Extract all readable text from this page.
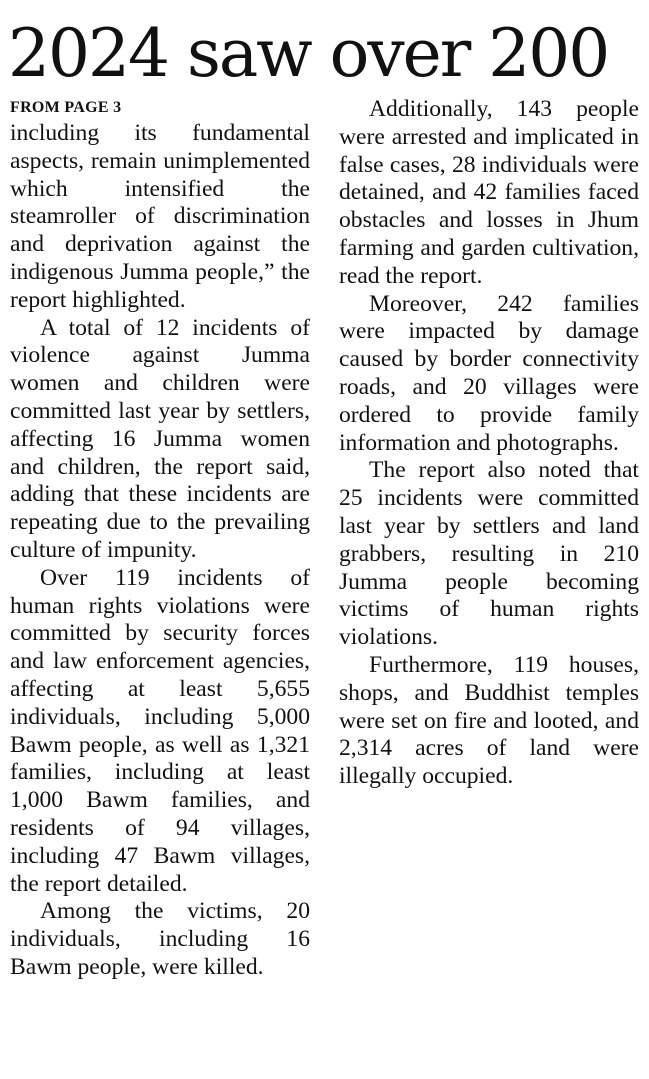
2024 saw over 200
FROM PAGE 3

including its fundamental aspects, remain unimplemented which intensified the steamroller of discrimination and deprivation against the indigenous Jumma people,” the report highlighted.

A total of 12 incidents of violence against Jumma women and children were committed last year by settlers, affecting 16 Jumma women and children, the report said, adding that these incidents are repeating due to the prevailing culture of impunity.

Over 119 incidents of human rights violations were committed by security forces and law enforcement agencies, affecting at least 5,655 individuals, including 5,000 Bawm people, as well as 1,321 families, including at least 1,000 Bawm families, and residents of 94 villages, including 47 Bawm villages, the report detailed.

Among the victims, 20 individuals, including 16 Bawm people, were killed.

Additionally, 143 people were arrested and implicated in false cases, 28 individuals were detained, and 42 families faced obstacles and losses in Jhum farming and garden cultivation, read the report.

Moreover, 242 families were impacted by damage caused by border connectivity roads, and 20 villages were ordered to provide family information and photographs.

The report also noted that 25 incidents were committed last year by settlers and land grabbers, resulting in 210 Jumma people becoming victims of human rights violations.

Furthermore, 119 houses, shops, and Buddhist temples were set on fire and looted, and 2,314 acres of land were illegally occupied.
